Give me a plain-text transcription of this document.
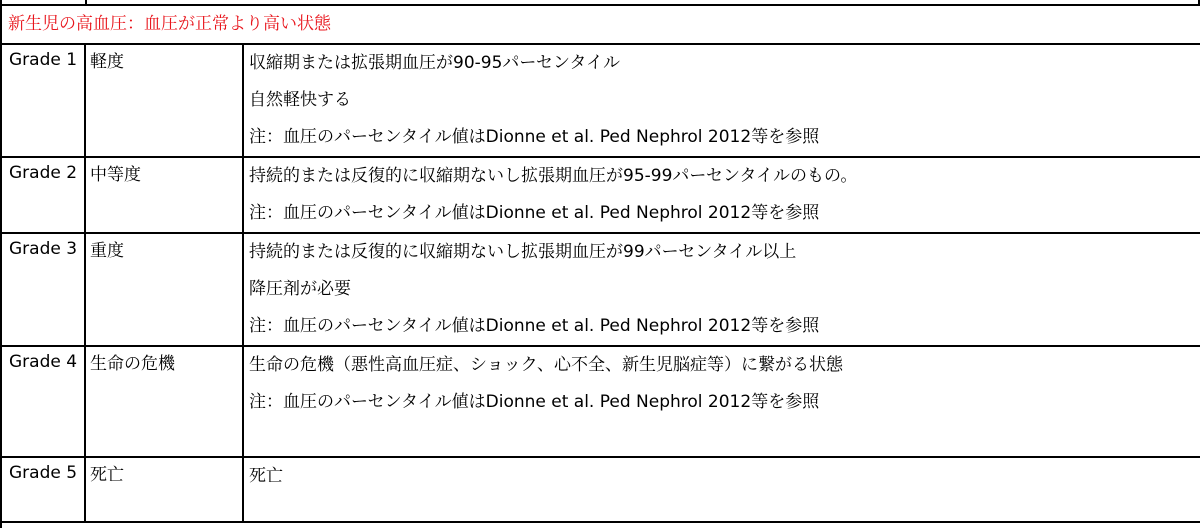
新生児の高血圧：血圧が正常より高い状態		
Grade 1	軽度	収縮期または拡張期血圧が90-95パーセンタイル
自然軽快する
注：血圧のパーセンタイル値はDionne et al. Ped Nephrol 2012等を参照

Grade 2	中等度	持続的または反復的に収縮期ないし拡張期血圧が95-99パーセンタイルのもの。
注：血圧のパーセンタイル値はDionne et al. Ped Nephrol 2012等を参照

Grade 3	重度	持続的または反復的に収縮期ないし拡張期血圧が99パーセンタイル以上
降圧剤が必要
注：血圧のパーセンタイル値はDionne et al. Ped Nephrol 2012等を参照

Grade 4	生命の危機	生命の危機（悪性高血圧症、ショック、心不全、新生児脳症等）に繋がる状態
注：血圧のパーセンタイル値はDionne et al. Ped Nephrol 2012等を参照

Grade 5	死亡	死亡
